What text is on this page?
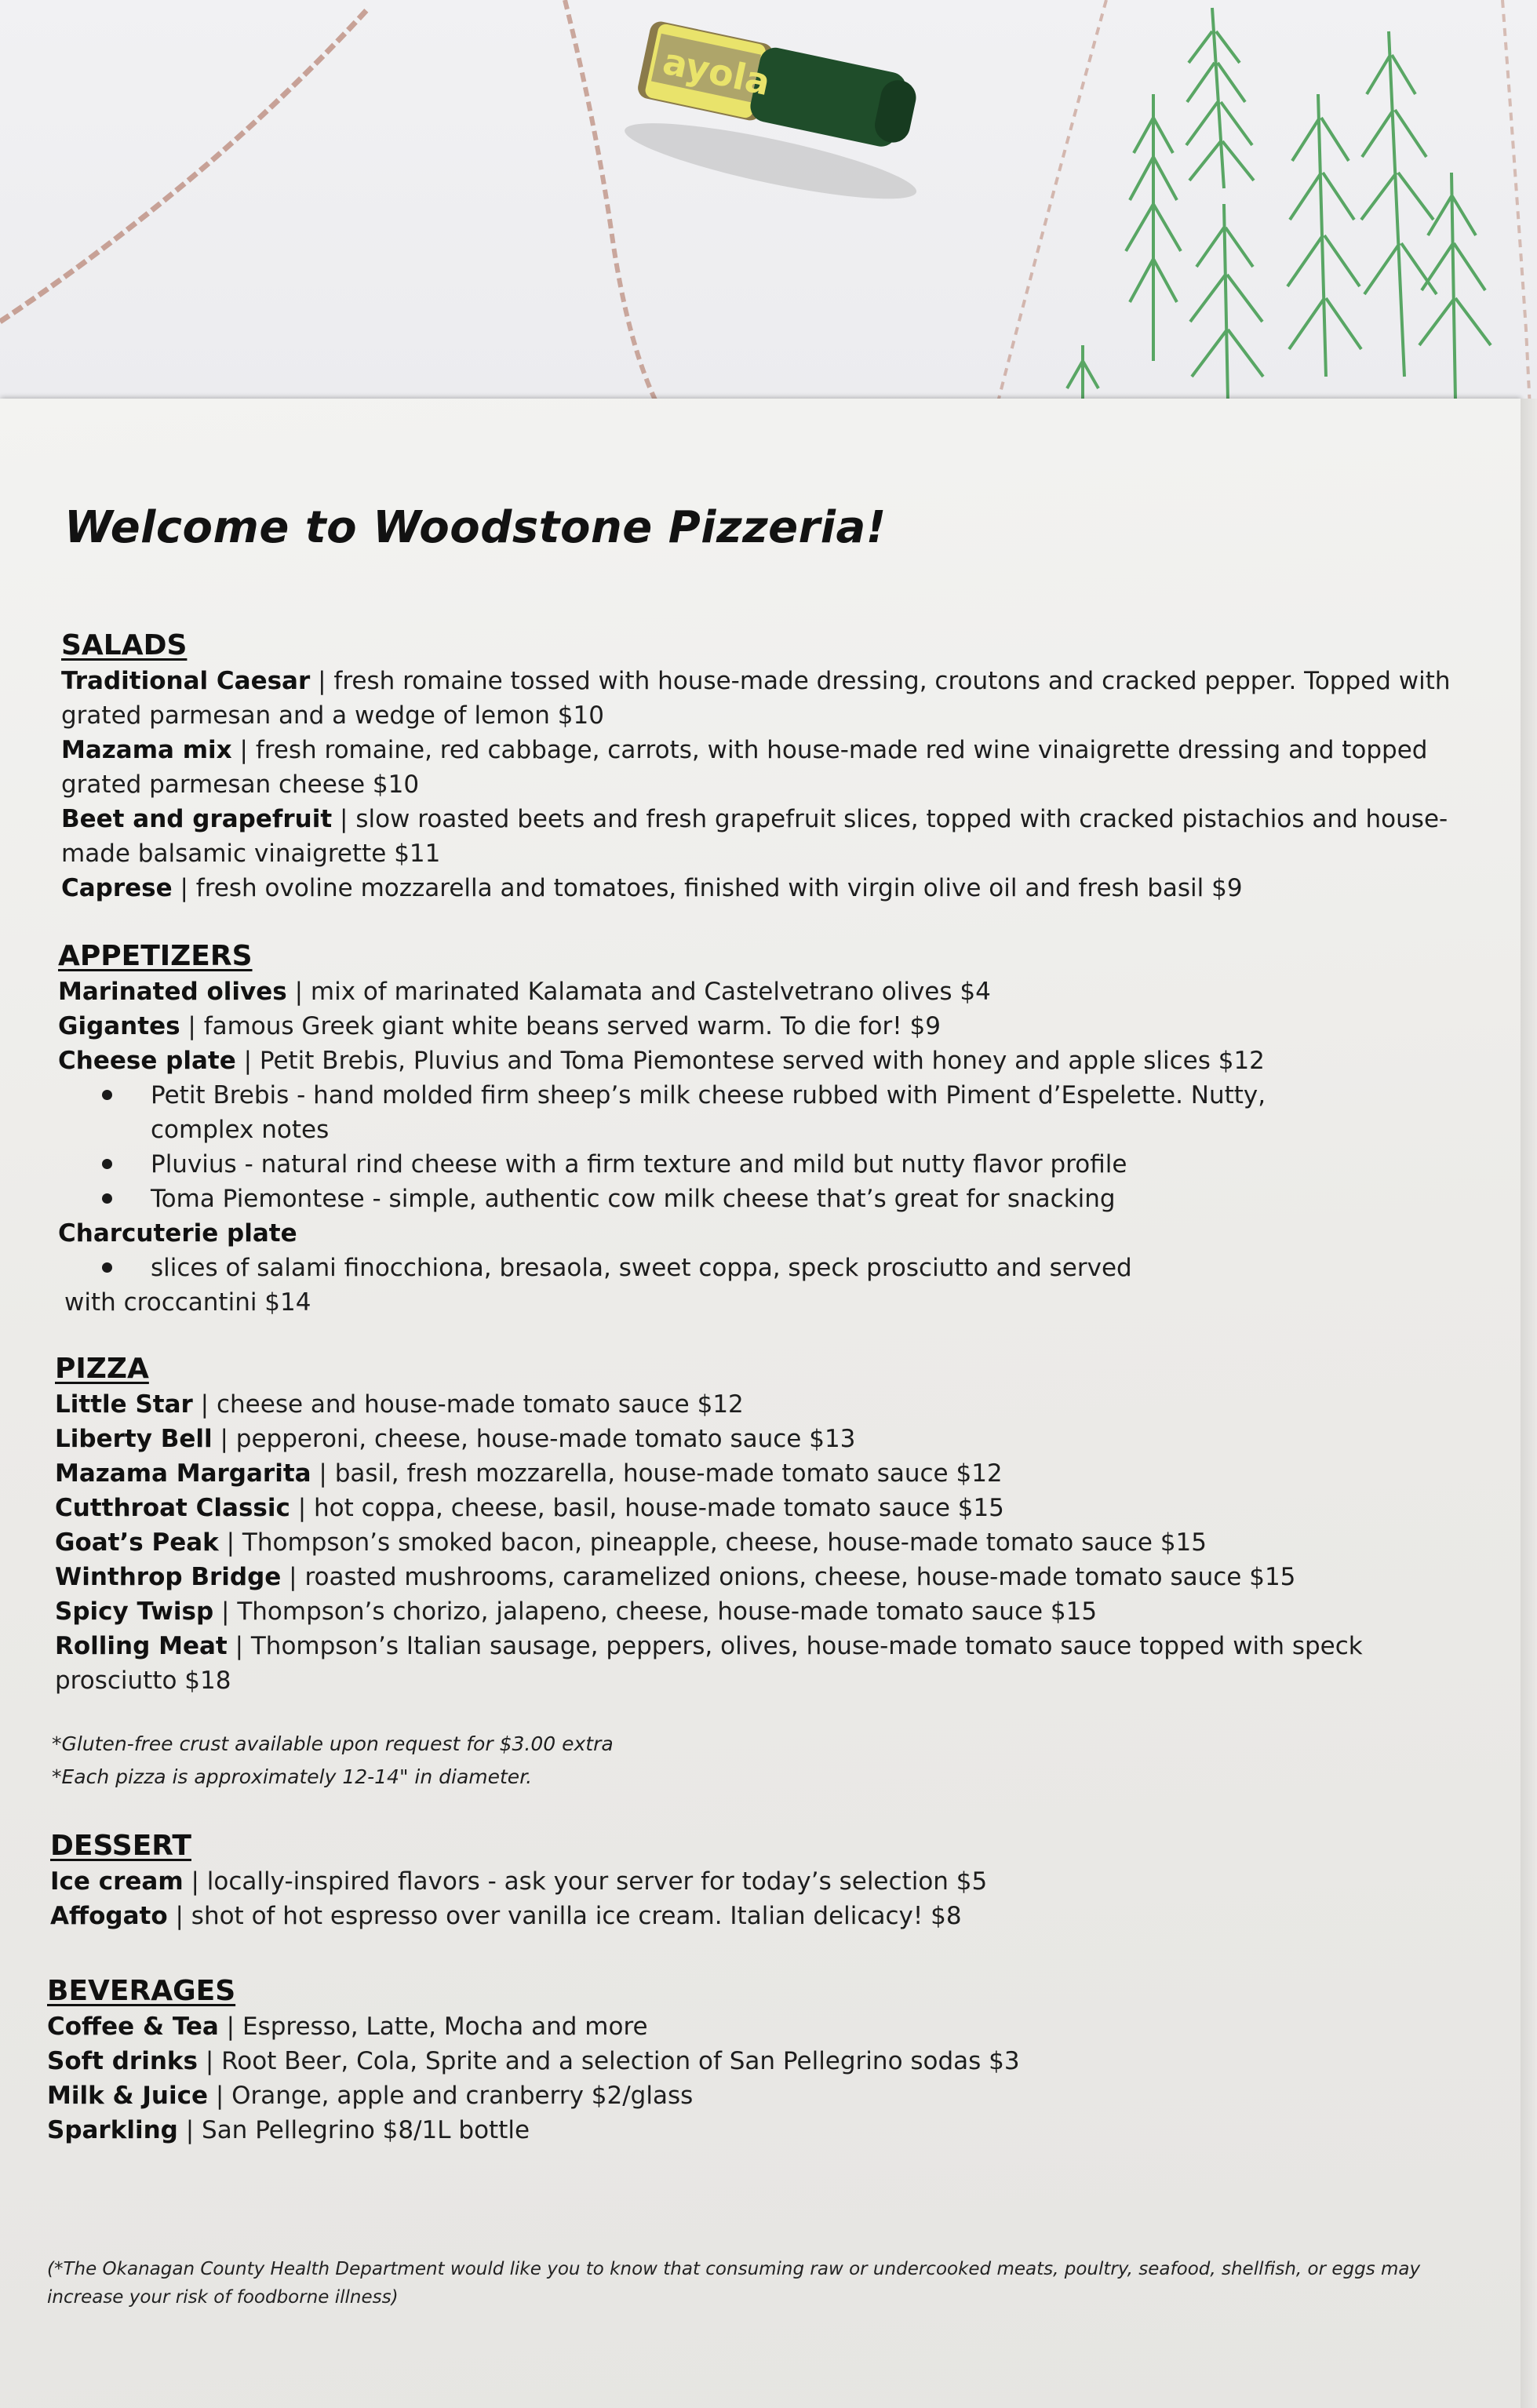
ayola
Welcome to Woodstone Pizzeria!
SALADS
Traditional Caesar | fresh romaine tossed with house-made dressing, croutons and cracked pepper. Topped with grated parmesan and a wedge of lemon $10
Mazama mix | fresh romaine, red cabbage, carrots, with house-made red wine vinaigrette dressing and topped grated parmesan cheese $10
Beet and grapefruit | slow roasted beets and fresh grapefruit slices, topped with cracked pistachios and house-made balsamic vinaigrette $11
Caprese | fresh ovoline mozzarella and tomatoes, finished with virgin olive oil and fresh basil $9
APPETIZERS
Marinated olives | mix of marinated Kalamata and Castelvetrano olives $4
Gigantes | famous Greek giant white beans served warm. To die for! $9
Cheese plate | Petit Brebis, Pluvius and Toma Piemontese served with honey and apple slices $12
Petit Brebis - hand molded firm sheep’s milk cheese rubbed with Piment d’Espelette. Nutty, complex notes
Pluvius - natural rind cheese with a firm texture and mild but nutty flavor profile
Toma Piemontese - simple, authentic cow milk cheese that’s great for snacking
Charcuterie plate
slices of salami finocchiona, bresaola, sweet coppa, speck prosciutto and served
with croccantini $14
PIZZA
Little Star | cheese and house-made tomato sauce $12
Liberty Bell | pepperoni, cheese, house-made tomato sauce $13
Mazama Margarita | basil, fresh mozzarella, house-made tomato sauce $12
Cutthroat Classic | hot coppa, cheese, basil, house-made tomato sauce $15
Goat’s Peak | Thompson’s smoked bacon, pineapple, cheese, house-made tomato sauce $15
Winthrop Bridge | roasted mushrooms, caramelized onions, cheese, house-made tomato sauce $15
Spicy Twisp | Thompson’s chorizo, jalapeno, cheese, house-made tomato sauce $15
Rolling Meat | Thompson’s Italian sausage, peppers, olives, house-made tomato sauce topped with speck prosciutto $18
*Gluten-free crust available upon request for $3.00 extra
*Each pizza is approximately 12-14" in diameter.
DESSERT
Ice cream | locally-inspired flavors - ask your server for today’s selection $5
Affogato | shot of hot espresso over vanilla ice cream. Italian delicacy! $8
BEVERAGES
Coffee & Tea | Espresso, Latte, Mocha and more
Soft drinks | Root Beer, Cola, Sprite and a selection of San Pellegrino sodas $3
Milk & Juice | Orange, apple and cranberry $2/glass
Sparkling | San Pellegrino $8/1L bottle
(*The Okanagan County Health Department would like you to know that consuming raw or undercooked meats, poultry, seafood, shellfish, or eggs may increase your risk of foodborne illness)
